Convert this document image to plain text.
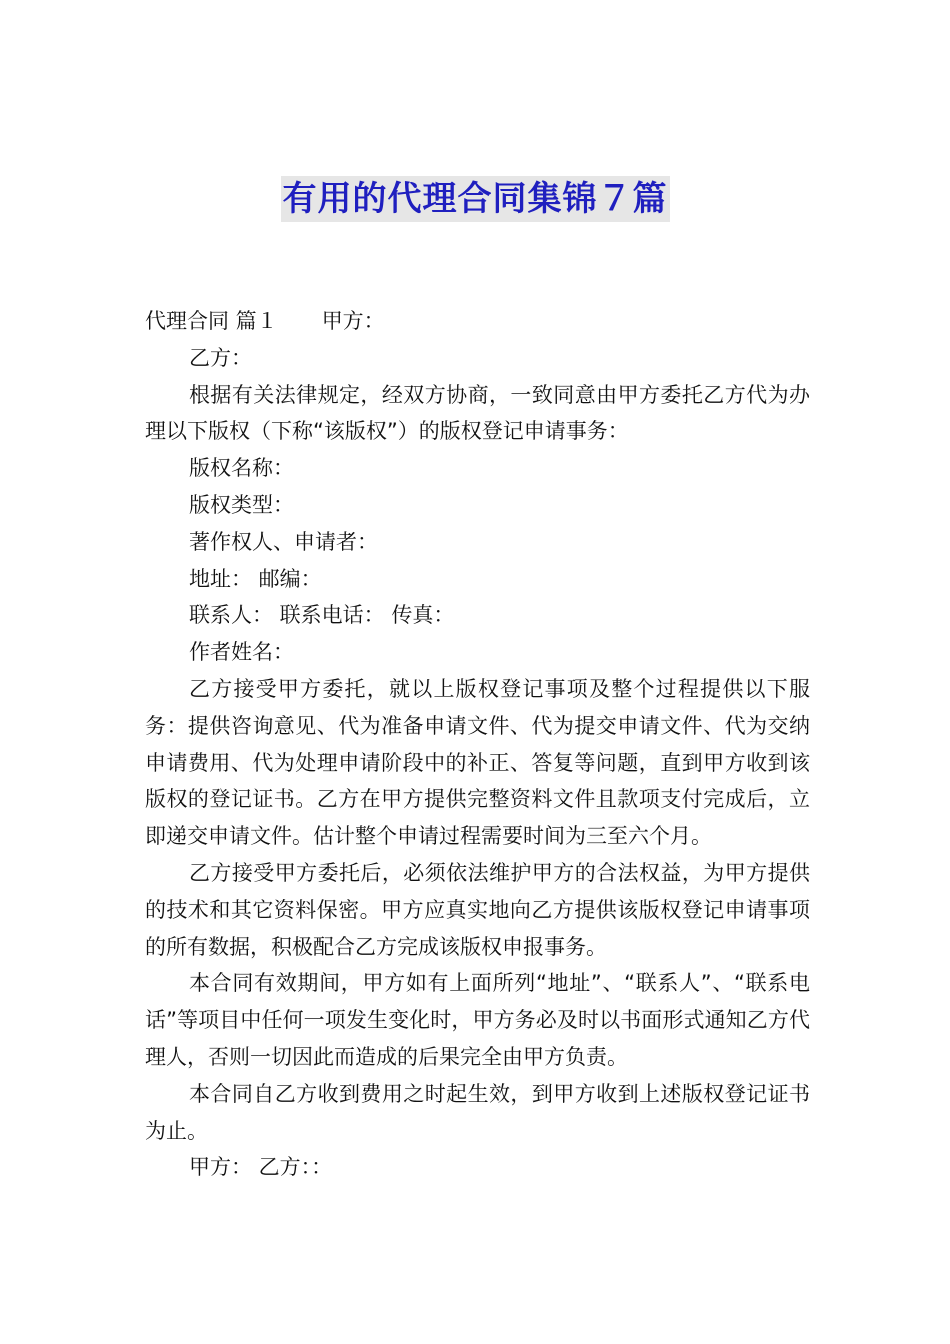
有用的代理合同集锦７篇

代理合同 篇１ 甲方：

乙方：

根据有关法律规定，经双方协商，一致同意由甲方委托乙方代为办理以下版权（下称“该版权”）的版权登记申请事务：

版权名称：

版权类型：

著作权人、申请者：

地址： 邮编：

联系人： 联系电话： 传真：

作者姓名：

乙方接受甲方委托，就以上版权登记事项及整个过程提供以下服务：提供咨询意见、代为准备申请文件、代为提交申请文件、代为交纳申请费用、代为处理申请阶段中的补正、答复等问题，直到甲方收到该版权的登记证书。乙方在甲方提供完整资料文件且款项支付完成后，立即递交申请文件。估计整个申请过程需要时间为三至六个月。

乙方接受甲方委托后，必须依法维护甲方的合法权益，为甲方提供的技术和其它资料保密。甲方应真实地向乙方提供该版权登记申请事项的所有数据，积极配合乙方完成该版权申报事务。

本合同有效期间，甲方如有上面所列“地址”、“联系人”、“联系电话”等项目中任何一项发生变化时，甲方务必及时以书面形式通知乙方代理人，否则一切因此而造成的后果完全由甲方负责。

本合同自乙方收到费用之时起生效，到甲方收到上述版权登记证书为止。

甲方： 乙方：：
